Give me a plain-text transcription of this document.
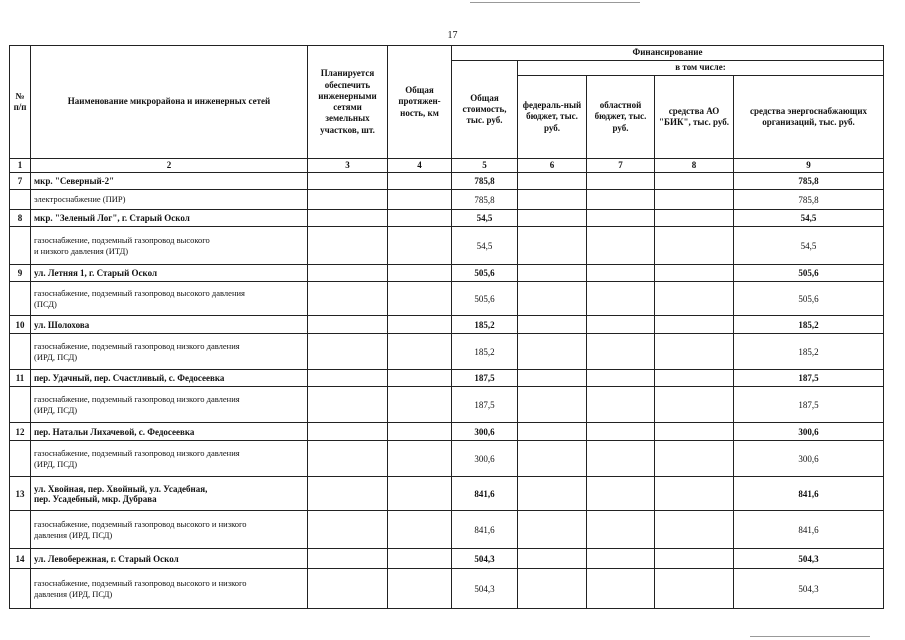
17
№ п/п	Наименование микрорайона и инженерных сетей	Планируется обеспечить инженерными сетями земельных участков, шт.	Общая протяжен-ность, км	Финансирование				
				Общая стоимость, тыс. руб.	в том числе:			
					федераль-ный бюджет, тыс. руб.	областной бюджет, тыс. руб.	средства АО "БИК", тыс. руб.	средства энергоснабжающих организаций, тыс. руб.
1	2	3	4	5	6	7	8	9
7	мкр. "Северный-2"			785,8				785,8
	электроснабжение (ПИР)			785,8				785,8
8	мкр. "Зеленый Лог", г. Старый Оскол			54,5				54,5
	газоснабжение, подземный газопровод высокого
и низкого давления (ИТД)			54,5				54,5
9	ул. Летняя 1, г. Старый Оскол			505,6				505,6
	газоснабжение, подземный газопровод высокого давления
(ПСД)			505,6				505,6
10	ул. Шолохова			185,2				185,2
	газоснабжение, подземный газопровод низкого давления
(ИРД, ПСД)			185,2				185,2
11	пер. Удачный, пер. Счастливый, с. Федосеевка			187,5				187,5
	газоснабжение, подземный газопровод низкого давления
(ИРД, ПСД)			187,5				187,5
12	пер. Натальи Лихачевой, с. Федосеевка			300,6				300,6
	газоснабжение, подземный газопровод низкого давления
(ИРД, ПСД)			300,6				300,6
13	ул. Хвойная, пер. Хвойный, ул. Усадебная,
пер. Усадебный, мкр. Дубрава			841,6				841,6
	газоснабжение, подземный газопровод высокого и низкого
давления (ИРД, ПСД)			841,6				841,6
14	ул. Левобережная, г. Старый Оскол			504,3				504,3
	газоснабжение, подземный газопровод высокого и низкого
давления (ИРД, ПСД)			504,3				504,3
